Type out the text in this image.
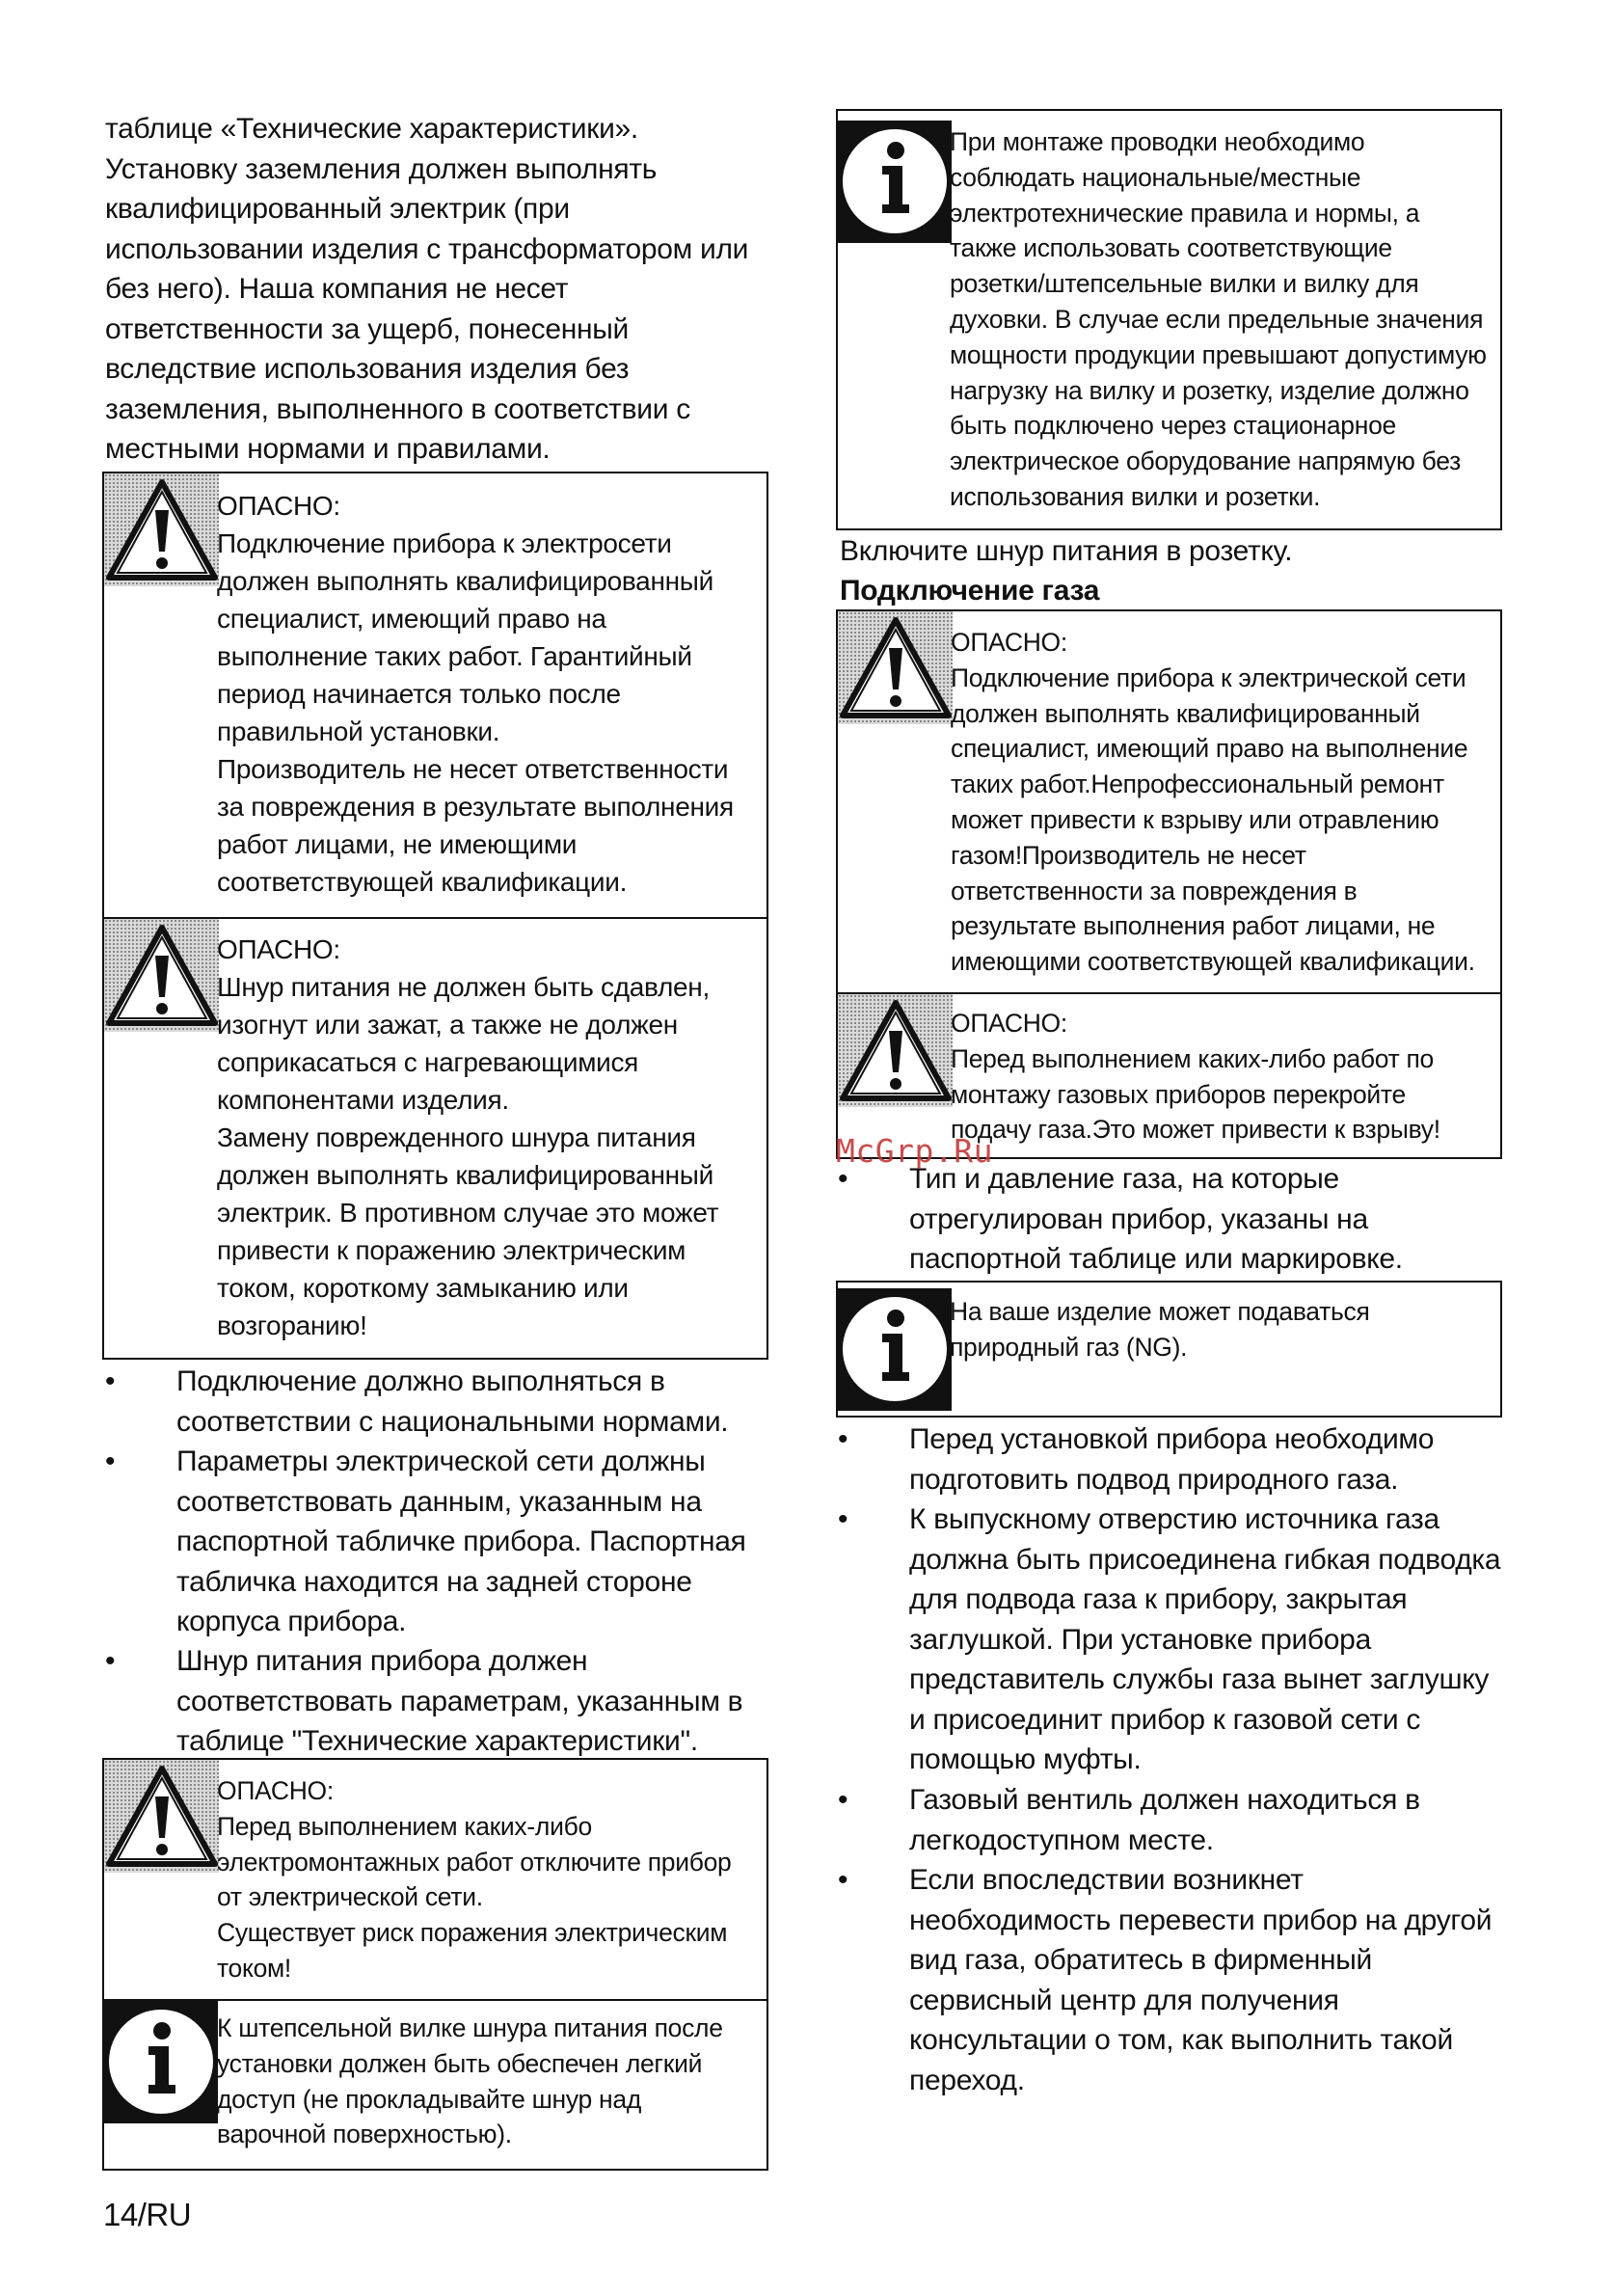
таблице «Технические характеристики».
Установку заземления должен выполнять
квалифицированный электрик (при
использовании изделия с трансформатором или
без него). Наша компания не несет
ответственности за ущерб, понесенный
вследствие использования изделия без
заземления, выполненного в соответствии с
местными нормами и правилами.
ОПАСНО:
Подключение прибора к электросети
должен выполнять квалифицированный
специалист, имеющий право на
выполнение таких работ. Гарантийный
период начинается только после
правильной установки.
Производитель не несет ответственности
за повреждения в результате выполнения
работ лицами, не имеющими
соответствующей квалификации.
ОПАСНО:
Шнур питания не должен быть сдавлен,
изогнут или зажат, а также не должен
соприкасаться с нагревающимися
компонентами изделия.
Замену поврежденного шнура питания
должен выполнять квалифицированный
электрик. В противном случае это может
привести к поражению электрическим
током, короткому замыканию или
возгоранию!
• Подключение должно выполняться в
соответствии с национальными нормами.
• Параметры электрической сети должны
соответствовать данным, указанным на
паспортной табличке прибора. Паспортная
табличка находится на задней стороне
корпуса прибора.
• Шнур питания прибора должен
соответствовать параметрам, указанным в
таблице "Технические характеристики".
ОПАСНО:
Перед выполнением каких-либо
электромонтажных работ отключите прибор
от электрической сети.
Существует риск поражения электрическим
током!
К штепсельной вилке шнура питания после
установки должен быть обеспечен легкий
доступ (не прокладывайте шнур над
варочной поверхностью).
При монтаже проводки необходимо
соблюдать национальные/местные
электротехнические правила и нормы, а
также использовать соответствующие
розетки/штепсельные вилки и вилку для
духовки. В случае если предельные значения
мощности продукции превышают допустимую
нагрузку на вилку и розетку, изделие должно
быть подключено через стационарное
электрическое оборудование напрямую без
использования вилки и розетки.
Включите шнур питания в розетку.
Подключение газа
ОПАСНО:
Подключение прибора к электрической сети
должен выполнять квалифицированный
специалист, имеющий право на выполнение
таких работ.Непрофессиональный ремонт
может привести к взрыву или отравлению
газом!Производитель не несет
ответственности за повреждения в
результате выполнения работ лицами, не
имеющими соответствующей квалификации.
ОПАСНО:
Перед выполнением каких-либо работ по
монтажу газовых приборов перекройте
подачу газа.Это может привести к взрыву!
• Тип и давление газа, на которые
отрегулирован прибор, указаны на
паспортной таблице или маркировке.
На ваше изделие может подаваться
природный газ (NG).
• Перед установкой прибора необходимо
подготовить подвод природного газа.
• К выпускному отверстию источника газа
должна быть присоединена гибкая подводка
для подвода газа к прибору, закрытая
заглушкой. При установке прибора
представитель службы газа вынет заглушку
и присоединит прибор к газовой сети с
помощью муфты.
• Газовый вентиль должен находиться в
легкодоступном месте.
• Если впоследствии возникнет
необходимость перевести прибор на другой
вид газа, обратитесь в фирменный
сервисный центр для получения
консультации о том, как выполнить такой
переход.
McGrp.Ru
14/RU
